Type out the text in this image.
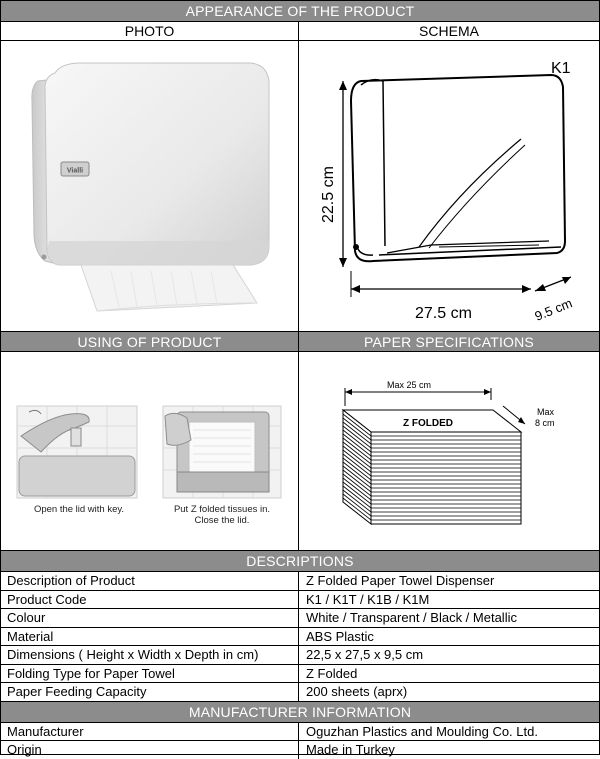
APPEARANCE OF THE PRODUCT
PHOTO	SCHEMA
Vialli
K1
22.5 cm
27.5 cm	9.5 cm
USING OF PRODUCT	PAPER SPECIFICATIONS
Open the lid with key.	Put Z folded tissues in.
Close the lid.
Max 25 cm
Max
8 cm
Z FOLDED
DESCRIPTIONS
Description of Product	Z Folded Paper Towel Dispenser
Product Code	K1 / K1T / K1B / K1M
Colour	White / Transparent / Black / Metallic
Material	ABS Plastic
Dimensions ( Height x Width x Depth in cm)	22,5 x 27,5 x 9,5 cm
Folding Type for Paper Towel	Z Folded
Paper Feeding Capacity	200 sheets (aprx)
MANUFACTURER INFORMATION
Manufacturer	Oguzhan Plastics and Moulding Co. Ltd.
Origin	Made in Turkey
